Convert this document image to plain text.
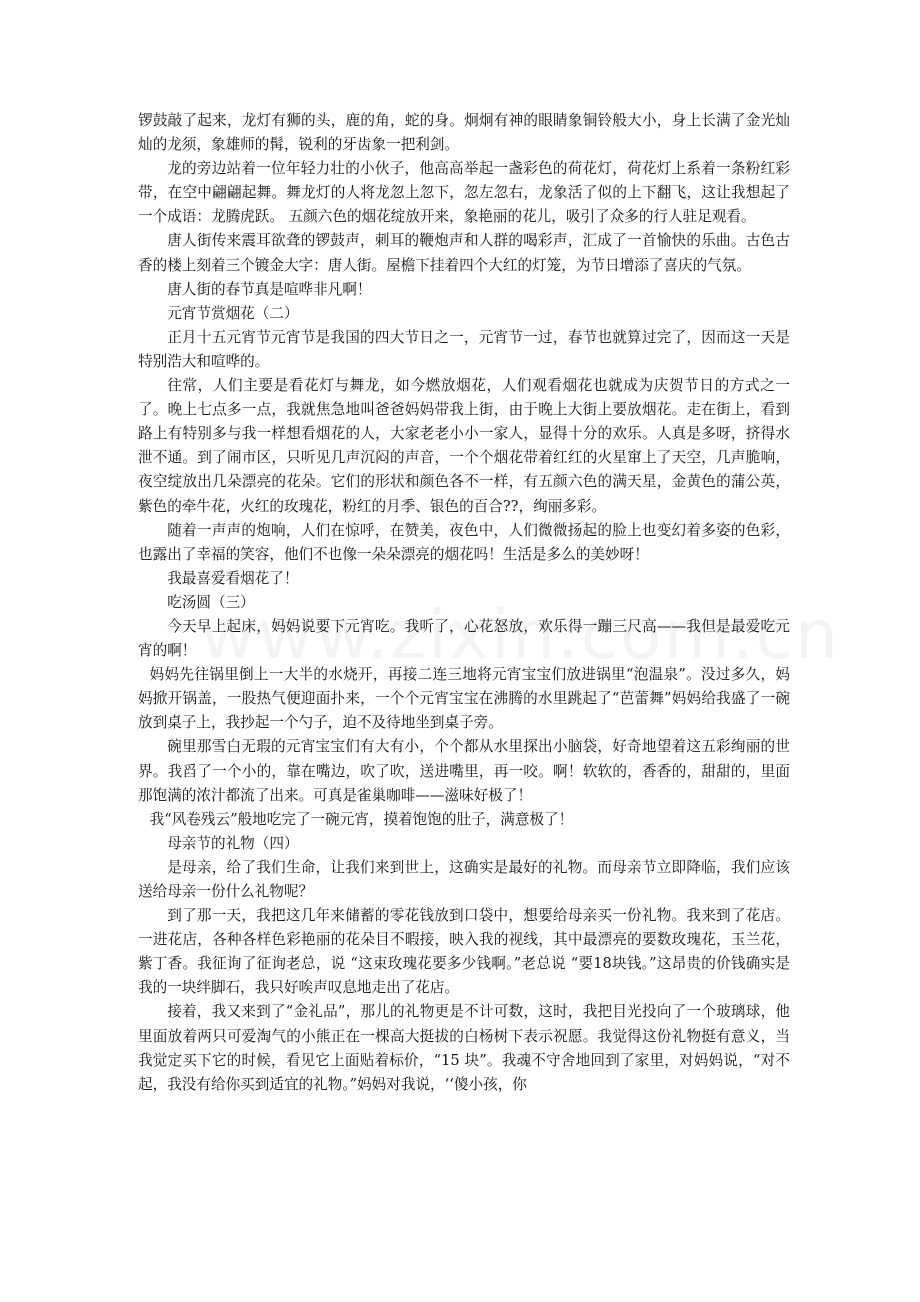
锣鼓敲了起来，龙灯有狮的头，鹿的角，蛇的身。炯炯有神的眼睛象铜铃般大小，身上长满了金光灿灿的龙须，象雄师的髯，锐利的牙齿象一把利剑。

龙的旁边站着一位年轻力壮的小伙子，他高高举起一盏彩色的荷花灯，荷花灯上系着一条粉红彩带，在空中翩翩起舞。舞龙灯的人将龙忽上忽下，忽左忽右，龙象活了似的上下翻飞，这让我想起了一个成语：龙腾虎跃。 五颜六色的烟花绽放开来，象艳丽的花儿，吸引了众多的行人驻足观看。

唐人街传来震耳欲聋的锣鼓声，刺耳的鞭炮声和人群的喝彩声，汇成了一首愉快的乐曲。古色古香的楼上刻着三个镀金大字：唐人街。屋檐下挂着四个大红的灯笼，为节日增添了喜庆的气氛。

唐人街的春节真是喧哗非凡啊！

元宵节赏烟花（二）

正月十五元宵节元宵节是我国的四大节日之一，元宵节一过，春节也就算过完了，因而这一天是特别浩大和喧哗的。

往常，人们主要是看花灯与舞龙，如今燃放烟花，人们观看烟花也就成为庆贺节日的方式之一了。晚上七点多一点，我就焦急地叫爸爸妈妈带我上街，由于晚上大街上要放烟花。走在街上，看到路上有特别多与我一样想看烟花的人，大家老老小小一家人，显得十分的欢乐。人真是多呀，挤得水泄不通。到了闹市区，只听见几声沉闷的声音，一个个烟花带着红红的火星窜上了天空，几声脆响，夜空绽放出几朵漂亮的花朵。它们的形状和颜色各不一样，有五颜六色的满天星，金黄色的蒲公英，紫色的牵牛花，火红的玫瑰花，粉红的月季、银色的百合??，绚丽多彩。

随着一声声的炮响，人们在惊呼，在赞美，夜色中，人们微微扬起的脸上也变幻着多姿的色彩，也露出了幸福的笑容，他们不也像一朵朵漂亮的烟花吗！生活是多么的美妙呀！

我最喜爱看烟花了！

吃汤圆（三）

今天早上起床，妈妈说要下元宵吃。我听了，心花怒放，欢乐得一蹦三尺高——我但是最爱吃元宵的啊！

妈妈先往锅里倒上一大半的水烧开，再接二连三地将元宵宝宝们放进锅里“泡温泉”。没过多久，妈妈掀开锅盖，一股热气便迎面扑来，一个个元宵宝宝在沸腾的水里跳起了“芭蕾舞”妈妈给我盛了一碗放到桌子上，我抄起一个勺子，迫不及待地坐到桌子旁。

碗里那雪白无瑕的元宵宝宝们有大有小，个个都从水里探出小脑袋，好奇地望着这五彩绚丽的世界。我舀了一个小的，靠在嘴边，吹了吹，送进嘴里，再一咬。啊！软软的，香香的，甜甜的，里面那饱满的浓汁都流了出来。可真是雀巢咖啡——滋味好极了！

我“风卷残云”般地吃完了一碗元宵，摸着饱饱的肚子，满意极了！

母亲节的礼物（四）

是母亲，给了我们生命，让我们来到世上，这确实是最好的礼物。而母亲节立即降临，我们应该送给母亲一份什么礼物呢？

到了那一天，我把这几年来储蓄的零花钱放到口袋中，想要给母亲买一份礼物。我来到了花店。一进花店，各种各样色彩艳丽的花朵目不暇接，映入我的视线，其中最漂亮的要数玫瑰花，玉兰花，紫丁香。我征询了征询老总，说 “这束玫瑰花要多少钱啊。”老总说 “要18块钱。”这昂贵的价钱确实是我的一块绊脚石，我只好唉声叹息地走出了花店。

接着，我又来到了“金礼品”，那儿的礼物更是不计可数，这时，我把目光投向了一个玻璃球，他里面放着两只可爱淘气的小熊正在一棵高大挺拔的白杨树下表示祝愿。我觉得这份礼物挺有意义，当我觉定买下它的时候，看见它上面贴着标价，“15 块”。我魂不守舍地回到了家里，对妈妈说，“对不起，我没有给你买到适宜的礼物。”妈妈对我说，‘‘傻小孩，你
